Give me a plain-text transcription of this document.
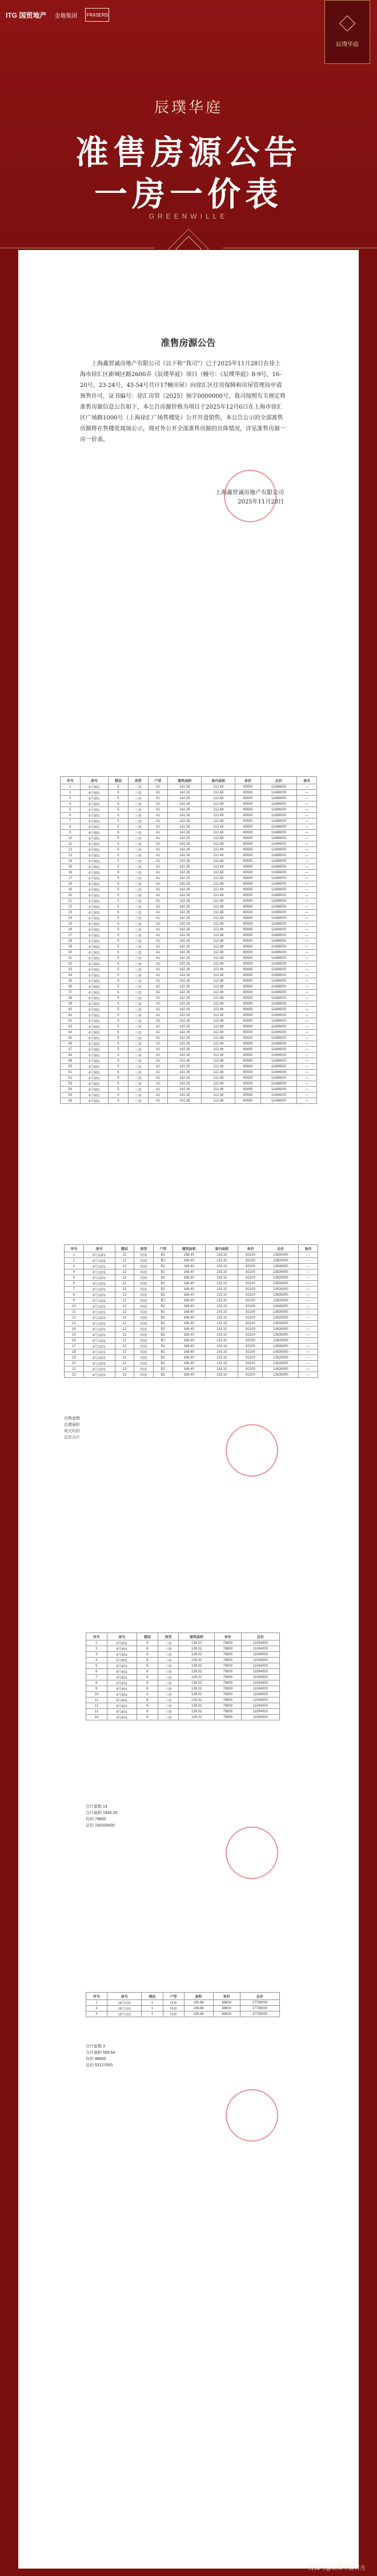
ITG 国贸地产 金地集团 FRASERS
辰璞华庭
辰璞华庭
准售房源公告
一房一价表
GREENWILLE
准售房源公告
上海鑫贸诚房地产有限公司（以下称“我司”）已于2025年11月28日在徐上海市徐汇区新城区路2600弄《辰璞华庭》项目（幢号：《辰璞华庭》8-9号，16-20号，23-24号，45-54号共计17幢房屋）向徐汇区住房保障和房屋管理局申请预售许可，证书编号：徐汇房管（2025）预字0000000号，我司按照有关规定将准售房源信息公告如下，本公告房源价格为项目于2025年12月6日在上海市徐汇区广场路1000号（上海徐汇广场售楼处）公开开盘销售，本公告公示的全部准售房源将在售楼处现场公示，现对外公开全部准售房源的具体情况，详见准售房源一房一价表。
上海鑫贸诚房地产有限公司
2025年11月28日
序号	房号	楼层	房型	户型	建筑面积	套内面积	单价	总价	备注
1	6号501	5	三房	A1	142.26	112.48	80600	11466000	—
2	6号501	5	三房	A1	142.26	112.48	80600	11466000	—
3	6号501	5	三房	A1	142.26	112.48	80600	11466000	—
4	6号501	5	三房	A1	142.26	112.48	80600	11466000	—
5	6号501	5	三房	A1	142.26	112.48	80600	11466000	—
6	6号501	5	三房	A1	142.26	112.48	80600	11466000	—
7	6号501	5	三房	A1	142.26	112.48	80600	11466000	—
8	6号501	5	三房	A1	142.26	112.48	80600	11466000	—
9	6号501	5	三房	A1	142.26	112.48	80600	11466000	—
10	6号501	5	三房	A1	142.26	112.48	80600	11466000	—
11	6号501	5	三房	A1	142.26	112.48	80600	11466000	—
12	6号501	5	三房	A1	142.26	112.48	80600	11466000	—
13	6号501	5	三房	A1	142.26	112.48	80600	11466000	—
14	6号501	5	三房	A1	142.26	112.48	80600	11466000	—
15	6号501	5	三房	A1	142.26	112.48	80600	11466000	—
16	6号501	5	三房	A1	142.26	112.48	80600	11466000	—
17	6号501	5	三房	A1	142.26	112.48	80600	11466000	—
18	6号501	5	三房	A1	142.26	112.48	80600	11466000	—
19	6号501	5	三房	A1	142.26	112.48	80600	11466000	—
20	6号501	5	三房	A1	142.26	112.48	80600	11466000	—
21	6号501	5	三房	A1	142.26	112.48	80600	11466000	—
22	6号501	5	三房	A1	142.26	112.48	80600	11466000	—
23	6号501	5	三房	A1	142.26	112.48	80600	11466000	—
24	6号501	5	三房	A1	142.26	112.48	80600	11466000	—
25	6号501	5	三房	A1	142.26	112.48	80600	11466000	—
26	6号501	5	三房	A1	142.26	112.48	80600	11466000	—
27	6号501	5	三房	A1	142.26	112.48	80600	11466000	—
28	6号501	5	三房	A1	142.26	112.48	80600	11466000	—
29	6号501	5	三房	A1	142.26	112.48	80600	11466000	—
30	6号501	5	三房	A1	142.26	112.48	80600	11466000	—
31	6号501	5	三房	A1	142.26	112.48	80600	11466000	—
32	6号501	5	三房	A1	142.26	112.48	80600	11466000	—
33	6号501	5	三房	A1	142.26	112.48	80600	11466000	—
34	6号501	5	三房	A1	142.26	112.48	80600	11466000	—
35	6号501	5	三房	A1	142.26	112.48	80600	11466000	—
36	6号501	5	三房	A1	142.26	112.48	80600	11466000	—
37	6号501	5	三房	A1	142.26	112.48	80600	11466000	—
38	6号501	5	三房	A1	142.26	112.48	80600	11466000	—
39	6号501	5	三房	A1	142.26	112.48	80600	11466000	—
40	6号501	5	三房	A1	142.26	112.48	80600	11466000	—
41	6号501	5	三房	A1	142.26	112.48	80600	11466000	—
42	6号501	5	三房	A1	142.26	112.48	80600	11466000	—
43	6号501	5	三房	A1	142.26	112.48	80600	11466000	—
44	6号501	5	三房	A1	142.26	112.48	80600	11466000	—
45	6号501	5	三房	A1	142.26	112.48	80600	11466000	—
46	6号501	5	三房	A1	142.26	112.48	80600	11466000	—
47	6号501	5	三房	A1	142.26	112.48	80600	11466000	—
48	6号501	5	三房	A1	142.26	112.48	80600	11466000	—
49	6号501	5	三房	A1	142.26	112.48	80600	11466000	—
50	6号501	5	三房	A1	142.26	112.48	80600	11466000	—
51	6号501	5	三房	A1	142.26	112.48	80600	11466000	—
52	6号501	5	三房	A1	142.26	112.48	80600	11466000	—
53	6号501	5	三房	A1	142.26	112.48	80600	11466000	—
54	6号501	5	三房	A1	142.26	112.48	80600	11466000	—
55	6号501	5	三房	A1	142.26	112.48	80600	11466000	—
56	6号501	5	三房	A1	142.26	112.48	80600	11466000	—
序号	房号	楼层	房型	户型	建筑面积	套内面积	单价	总价	备注
1	8号1201	12	四房	B2	168.40	133.10	82100	13826000	—
2	8号1201	12	四房	B2	168.40	133.10	82100	13826000	—
3	8号1201	12	四房	B2	168.40	133.10	82100	13826000	—
4	8号1201	12	四房	B2	168.40	133.10	82100	13826000	—
5	8号1201	12	四房	B2	168.40	133.10	82100	13826000	—
6	8号1201	12	四房	B2	168.40	133.10	82100	13826000	—
7	8号1201	12	四房	B2	168.40	133.10	82100	13826000	—
8	8号1201	12	四房	B2	168.40	133.10	82100	13826000	—
9	8号1201	12	四房	B2	168.40	133.10	82100	13826000	—
10	8号1201	12	四房	B2	168.40	133.10	82100	13826000	—
11	8号1201	12	四房	B2	168.40	133.10	82100	13826000	—
12	8号1201	12	四房	B2	168.40	133.10	82100	13826000	—
13	8号1201	12	四房	B2	168.40	133.10	82100	13826000	—
14	8号1201	12	四房	B2	168.40	133.10	82100	13826000	—
15	8号1201	12	四房	B2	168.40	133.10	82100	13826000	—
16	8号1201	12	四房	B2	168.40	133.10	82100	13826000	—
17	8号1201	12	四房	B2	168.40	133.10	82100	13826000	—
18	8号1201	12	四房	B2	168.40	133.10	82100	13826000	—
19	8号1201	12	四房	B2	168.40	133.10	82100	13826000	—
20	8号1201	12	四房	B2	168.40	133.10	82100	13826000	—
21	8号1201	12	四房	B2	168.40	133.10	82100	13826000	—
22	8号1201	12	四房	B2	168.40	133.10	82100	13826000	—
可售套数
总建面积
成交均价
总价合计
序号	房号	楼层	房型	建筑面积	单价	总价
1	9号601	6	三房	139.02	79800	11094000
2	9号601	6	三房	139.02	79800	11094000
3	9号601	6	三房	139.02	79800	11094000
4	9号601	6	三房	139.02	79800	11094000
5	9号601	6	三房	139.02	79800	11094000
6	9号601	6	三房	139.02	79800	11094000
7	9号601	6	三房	139.02	79800	11094000
8	9号601	6	三房	139.02	79800	11094000
9	9号601	6	三房	139.02	79800	11094000
10	9号601	6	三房	139.02	79800	11094000
11	9号601	6	三房	139.02	79800	11094000
12	9号601	6	三房	139.02	79800	11094000
13	9号601	6	三房	139.02	79800	11094000
14	9号601	6	三房	139.02	79800	11094000
合计套数 14
合计面积 1946.28
均价 79800
总价 155320000
序号	房号	楼层	户型	面积	单价	总价
1	18号101	1	四房	199.88	88600	17709000
2	18号101	1	四房	199.88	88600	17709000
3	18号101	1	四房	199.88	88600	17709000
合计套数 3
合计面积 599.64
均价 88600
总价 53127000
搜狐号@辰璞华庭官方
